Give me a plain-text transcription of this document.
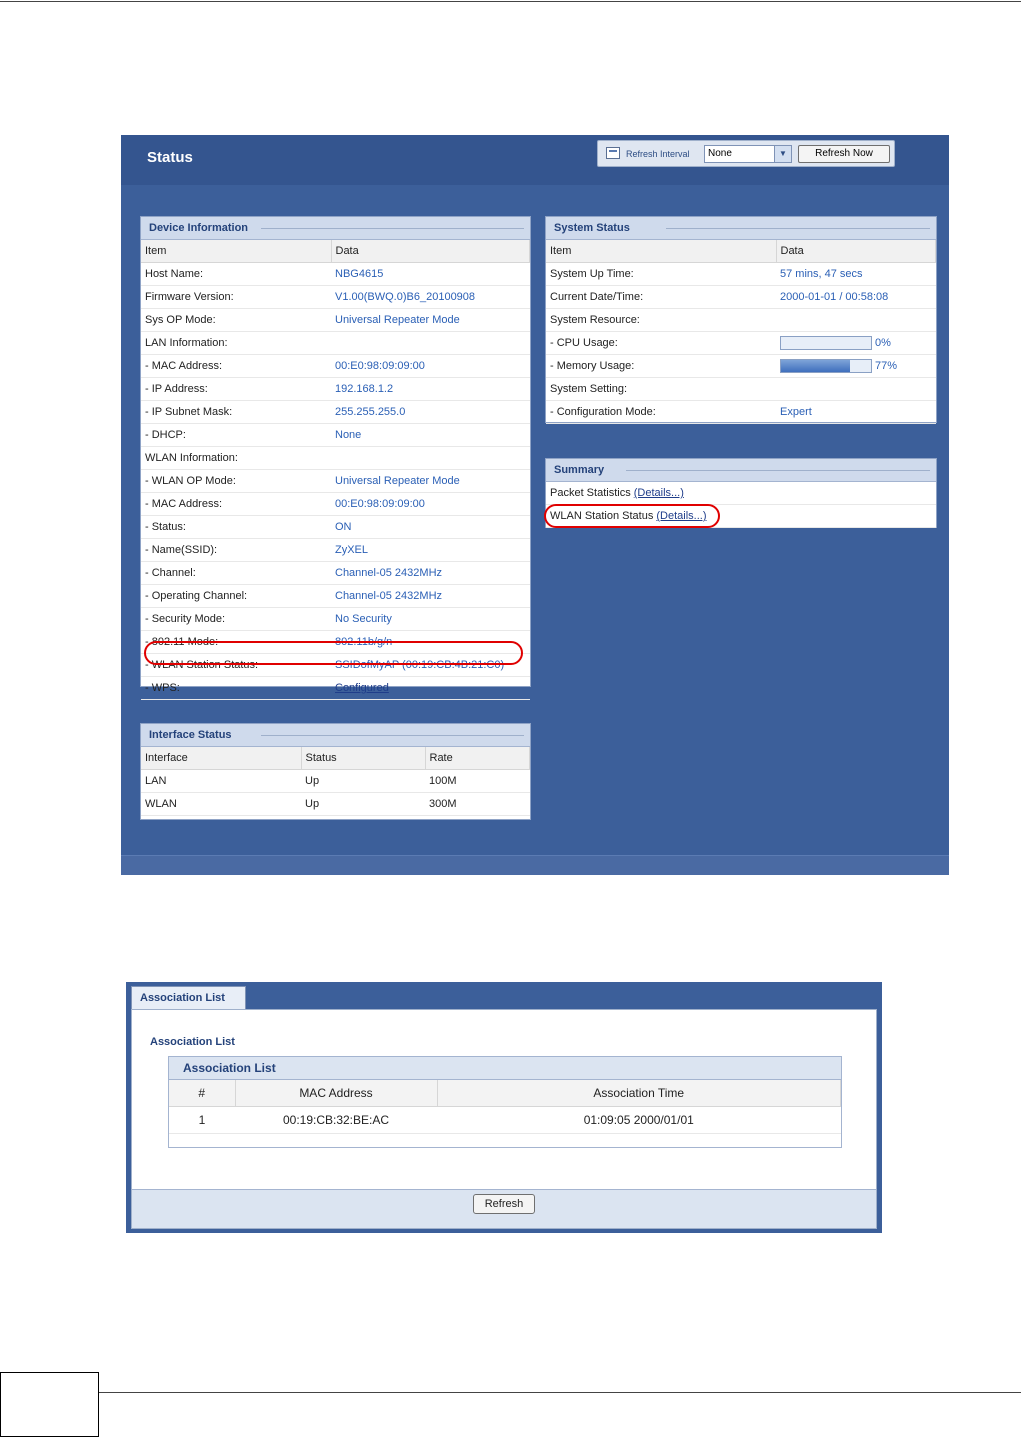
Status	Refresh Interval None	▼	Refresh Now
Device Information
Item	Data
Host Name:	NBG4615
Firmware Version:	V1.00(BWQ.0)B6_20100908
Sys OP Mode:	Universal Repeater Mode
LAN Information:	
- MAC Address:	00:E0:98:09:09:00
- IP Address:	192.168.1.2
- IP Subnet Mask:	255.255.255.0
- DHCP:	None
WLAN Information:	
- WLAN OP Mode:	Universal Repeater Mode
- MAC Address:	00:E0:98:09:09:00
- Status:	ON
- Name(SSID):	ZyXEL
- Channel:	Channel-05 2432MHz
- Operating Channel:	Channel-05 2432MHz
- Security Mode:	No Security
- 802.11 Mode:	802.11b/g/n
- WLAN Station Status:	SSIDofMyAP (00:19:CB:4B:21:C0)
- WPS:	Configured
System Status
Item	Data
System Up Time:	57 mins, 47 secs
Current Date/Time:	2000-01-01 / 00:58:08
System Resource:	
- CPU Usage:	0%
- Memory Usage:	77%
System Setting:	
- Configuration Mode:	Expert
Summary
Packet Statistics (Details...)
WLAN Station Status (Details...)
Interface Status
Interface	Status	Rate
LAN	Up	100M
WLAN	Up	300M
Association List
Association List
Association List
#	MAC Address	Association Time
1	00:19:CB:32:BE:AC	01:09:05 2000/01/01
Refresh
